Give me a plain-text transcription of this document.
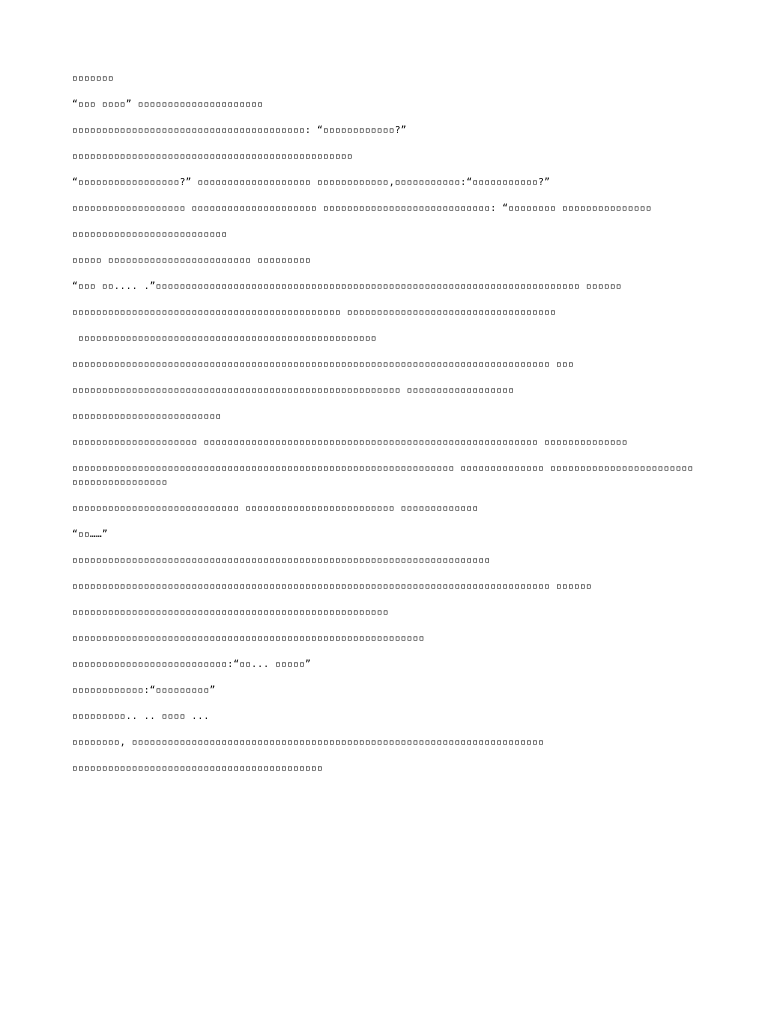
▫▫▫▫▫▫▫

“▫▫▫ ▫▫▫▫” ▫▫▫▫▫▫▫▫▫▫▫▫▫▫▫▫▫▫▫▫▫

▫▫▫▫▫▫▫▫▫▫▫▫▫▫▫▫▫▫▫▫▫▫▫▫▫▫▫▫▫▫▫▫▫▫▫▫▫▫▫: “▫▫▫▫▫▫▫▫▫▫▫▫?”

▫▫▫▫▫▫▫▫▫▫▫▫▫▫▫▫▫▫▫▫▫▫▫▫▫▫▫▫▫▫▫▫▫▫▫▫▫▫▫▫▫▫▫▫▫▫▫

“▫▫▫▫▫▫▫▫▫▫▫▫▫▫▫▫▫?” ▫▫▫▫▫▫▫▫▫▫▫▫▫▫▫▫▫▫▫ ▫▫▫▫▫▫▫▫▫▫▫▫,▫▫▫▫▫▫▫▫▫▫▫:“▫▫▫▫▫▫▫▫▫▫▫?”

▫▫▫▫▫▫▫▫▫▫▫▫▫▫▫▫▫▫▫ ▫▫▫▫▫▫▫▫▫▫▫▫▫▫▫▫▫▫▫▫▫ ▫▫▫▫▫▫▫▫▫▫▫▫▫▫▫▫▫▫▫▫▫▫▫▫▫▫▫▫: “▫▫▫▫▫▫▫▫ ▫▫▫▫▫▫▫▫▫▫▫▫▫▫▫

▫▫▫▫▫▫▫▫▫▫▫▫▫▫▫▫▫▫▫▫▫▫▫▫▫▫

▫▫▫▫▫ ▫▫▫▫▫▫▫▫▫▫▫▫▫▫▫▫▫▫▫▫▫▫▫▫ ▫▫▫▫▫▫▫▫▫

“▫▫▫ ▫▫.... .”▫▫▫▫▫▫▫▫▫▫▫▫▫▫▫▫▫▫▫▫▫▫▫▫▫▫▫▫▫▫▫▫▫▫▫▫▫▫▫▫▫▫▫▫▫▫▫▫▫▫▫▫▫▫▫▫▫▫▫▫▫▫▫▫▫▫▫▫▫▫▫ ▫▫▫▫▫▫

▫▫▫▫▫▫▫▫▫▫▫▫▫▫▫▫▫▫▫▫▫▫▫▫▫▫▫▫▫▫▫▫▫▫▫▫▫▫▫▫▫▫▫▫▫ ▫▫▫▫▫▫▫▫▫▫▫▫▫▫▫▫▫▫▫▫▫▫▫▫▫▫▫▫▫▫▫▫▫▫▫

▫▫▫▫▫▫▫▫▫▫▫▫▫▫▫▫▫▫▫▫▫▫▫▫▫▫▫▫▫▫▫▫▫▫▫▫▫▫▫▫▫▫▫▫▫▫▫▫▫▫

▫▫▫▫▫▫▫▫▫▫▫▫▫▫▫▫▫▫▫▫▫▫▫▫▫▫▫▫▫▫▫▫▫▫▫▫▫▫▫▫▫▫▫▫▫▫▫▫▫▫▫▫▫▫▫▫▫▫▫▫▫▫▫▫▫▫▫▫▫▫▫▫▫▫▫▫▫▫▫▫ ▫▫▫

▫▫▫▫▫▫▫▫▫▫▫▫▫▫▫▫▫▫▫▫▫▫▫▫▫▫▫▫▫▫▫▫▫▫▫▫▫▫▫▫▫▫▫▫▫▫▫▫▫▫▫▫▫▫▫ ▫▫▫▫▫▫▫▫▫▫▫▫▫▫▫▫▫▫

▫▫▫▫▫▫▫▫▫▫▫▫▫▫▫▫▫▫▫▫▫▫▫▫▫

▫▫▫▫▫▫▫▫▫▫▫▫▫▫▫▫▫▫▫▫▫ ▫▫▫▫▫▫▫▫▫▫▫▫▫▫▫▫▫▫▫▫▫▫▫▫▫▫▫▫▫▫▫▫▫▫▫▫▫▫▫▫▫▫▫▫▫▫▫▫▫▫▫▫▫▫▫▫ ▫▫▫▫▫▫▫▫▫▫▫▫▫▫

▫▫▫▫▫▫▫▫▫▫▫▫▫▫▫▫▫▫▫▫▫▫▫▫▫▫▫▫▫▫▫▫▫▫▫▫▫▫▫▫▫▫▫▫▫▫▫▫▫▫▫▫▫▫▫▫▫▫▫▫▫▫▫▫ ▫▫▫▫▫▫▫▫▫▫▫▫▫▫ ▫▫▫▫▫▫▫▫▫▫▫▫▫▫▫▫▫▫▫▫▫▫▫▫▫▫▫▫▫▫▫▫▫▫▫▫▫▫▫▫

▫▫▫▫▫▫▫▫▫▫▫▫▫▫▫▫▫▫▫▫▫▫▫▫▫▫▫▫ ▫▫▫▫▫▫▫▫▫▫▫▫▫▫▫▫▫▫▫▫▫▫▫▫▫ ▫▫▫▫▫▫▫▫▫▫▫▫▫

“▫▫……”

▫▫▫▫▫▫▫▫▫▫▫▫▫▫▫▫▫▫▫▫▫▫▫▫▫▫▫▫▫▫▫▫▫▫▫▫▫▫▫▫▫▫▫▫▫▫▫▫▫▫▫▫▫▫▫▫▫▫▫▫▫▫▫▫▫▫▫▫▫▫

▫▫▫▫▫▫▫▫▫▫▫▫▫▫▫▫▫▫▫▫▫▫▫▫▫▫▫▫▫▫▫▫▫▫▫▫▫▫▫▫▫▫▫▫▫▫▫▫▫▫▫▫▫▫▫▫▫▫▫▫▫▫▫▫▫▫▫▫▫▫▫▫▫▫▫▫▫▫▫▫ ▫▫▫▫▫▫

▫▫▫▫▫▫▫▫▫▫▫▫▫▫▫▫▫▫▫▫▫▫▫▫▫▫▫▫▫▫▫▫▫▫▫▫▫▫▫▫▫▫▫▫▫▫▫▫▫▫▫▫▫

▫▫▫▫▫▫▫▫▫▫▫▫▫▫▫▫▫▫▫▫▫▫▫▫▫▫▫▫▫▫▫▫▫▫▫▫▫▫▫▫▫▫▫▫▫▫▫▫▫▫▫▫▫▫▫▫▫▫▫

▫▫▫▫▫▫▫▫▫▫▫▫▫▫▫▫▫▫▫▫▫▫▫▫▫▫:“▫▫... ▫▫▫▫▫”

▫▫▫▫▫▫▫▫▫▫▫▫:“▫▫▫▫▫▫▫▫▫”

▫▫▫▫▫▫▫▫▫.. .. ▫▫▫▫ ...

▫▫▫▫▫▫▫▫, ▫▫▫▫▫▫▫▫▫▫▫▫▫▫▫▫▫▫▫▫▫▫▫▫▫▫▫▫▫▫▫▫▫▫▫▫▫▫▫▫▫▫▫▫▫▫▫▫▫▫▫▫▫▫▫▫▫▫▫▫▫▫▫▫▫▫▫▫▫

▫▫▫▫▫▫▫▫▫▫▫▫▫▫▫▫▫▫▫▫▫▫▫▫▫▫▫▫▫▫▫▫▫▫▫▫▫▫▫▫▫▫
